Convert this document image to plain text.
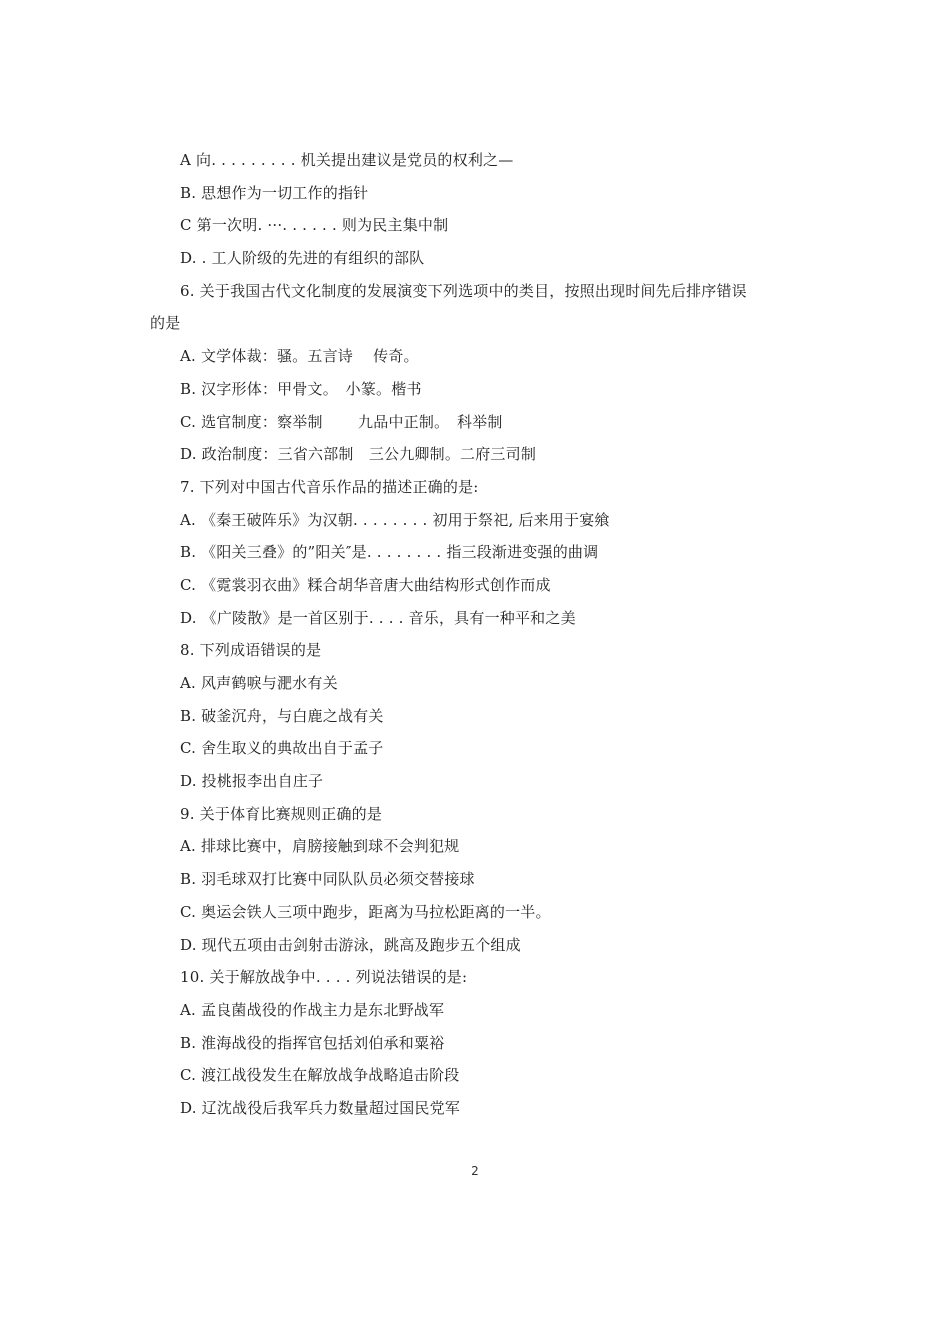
A 向. . . . . . . . . 机关提出建议是党员的权利之—
B. 思想作为一切工作的指针
C 第一次明. ···. . . . . . 则为民主集中制
D. . 工人阶级的先进的有组织的部队
6. 关于我国古代文化制度的发展演变下列选项中的类目，按照出现时间先后排序错误
的是
A. 文学体裁：骚。五言诗　 传奇。
B. 汉字形体：甲骨文。　小篆。楷书
C. 选官制度：察举制　　 九品中正制。　科举制
D. 政治制度：三省六部制　三公九卿制。二府三司制
7. 下列对中国古代音乐作品的描述正确的是:
A. 《秦王破阵乐》为汉朝. . . . . . . . 初用于祭祀, 后来用于宴飨
B. 《阳关三叠》的”阳关″是. . . . . . . . 指三段渐进变强的曲调
C. 《霓裳羽衣曲》糅合胡华音唐大曲结构形式创作而成
D. 《广陵散》是一首区别于. . . . 音乐，具有一种平和之美
8. 下列成语错误的是
A. 风声鹤唳与淝水有关
B. 破釜沉舟，与白鹿之战有关
C. 舍生取义的典故出自于孟子
D. 投桃报李出自庄子
9. 关于体育比赛规则正确的是
A. 排球比赛中，肩膀接触到球不会判犯规
B. 羽毛球双打比赛中同队队员必须交替接球
C. 奥运会铁人三项中跑步，距离为马拉松距离的一半。
D. 现代五项由击剑射击游泳，跳高及跑步五个组成
10. 关于解放战争中. . . . 列说法错误的是:
A. 孟良菌战役的作战主力是东北野战军
B. 淮海战役的指挥官包括刘伯承和粟裕
C. 渡江战役发生在解放战争战略追击阶段
D. 辽沈战役后我军兵力数量超过国民党军
2
